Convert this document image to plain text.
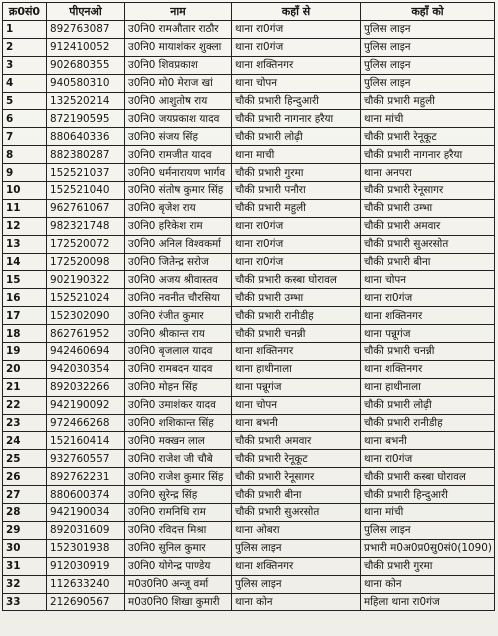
क्र0सं0	पीएनओ	नाम	कहाँ से	कहाँ को
1	892763087	उ0नि0 रामऔतार राठौर	थाना रा0गंज	पुलिस लाइन
2	912410052	उ0नि0 मायाशंकर शुक्ला	थाना रा0गंज	पुलिस लाइन
3	902680355	उ0नि0 शिवप्रकाश	थाना शक्तिनगर	पुलिस लाइन
4	940580310	उ0नि0 मो0 मेराज खां	थाना चोपन	पुलिस लाइन
5	132520214	उ0नि0 आशुतोष राय	चौकी प्रभारी हिन्दुआरी	चौकी प्रभारी महुली
6	872190595	उ0नि0 जयप्रकाश यादव	चौकी प्रभारी नागनार हरैया	थाना मांची
7	880640336	उ0नि0 संजय सिंह	चौकी प्रभारी लोढ़ी	चौकी प्रभारी रेनूकूट
8	882380287	उ0नि0 रामजीत यादव	थाना माची	चौकी प्रभारी नागनार हरैया
9	152521037	उ0नि0 धर्मनारायण भार्गव	चौकी प्रभारी गुरमा	थाना अनपरा
10	152521040	उ0नि0 संतोष कुमार सिंह	चौकी प्रभारी पनौरा	चौकी प्रभारी रेनूसागर
11	962761067	उ0नि0 बृजेश राय	चौकी प्रभारी महुली	चौकी प्रभारी उम्भा
12	982321748	उ0नि0 हरिकेश राम	थाना रा0गंज	चौकी प्रभारी अमवार
13	172520072	उ0नि0 अनिल विश्वकर्मा	थाना रा0गंज	चौकी प्रभारी सुअरसोत
14	172520098	उ0नि0 जितेन्द्र सरोज	थाना रा0गंज	चौकी प्रभारी बीना
15	902190322	उ0नि0 अजय श्रीवास्तव	चौकी प्रभारी कस्बा घोरावल	थाना चोपन
16	152521024	उ0नि0 नवनीत चौरसिया	चौकी प्रभारी उम्भा	थाना रा0गंज
17	152302090	उ0नि0 रंजीत कुमार	चौकी प्रभारी रानीडीह	थाना शक्तिनगर
18	862761952	उ0नि0 श्रीकान्त राय	चौकी प्रभारी चनन्नी	थाना पन्नूगंज
19	942460694	उ0नि0 बृजलाल यादव	थाना शक्तिनगर	चौकी प्रभारी चनन्नी
20	942030354	उ0नि0 रामबदन यादव	थाना हाथीनाला	थाना शक्तिनगर
21	892032266	उ0नि0 मोहन सिंह	थाना पन्नूगंज	थाना हाथीनाला
22	942190092	उ0नि0 उमाशंकर यादव	थाना चोपन	चौकी प्रभारी लोढ़ी
23	972466268	उ0नि0 शशिकान्त सिंह	थाना बभनी	चौकी प्रभारी रानीडीह
24	152160414	उ0नि0 मक्खन लाल	चौकी प्रभारी अमवार	थाना बभनी
25	932760557	उ0नि0 राजेश जी चौबे	चौकी प्रभारी रेनूकूट	थाना रा0गंज
26	892762231	उ0नि0 राजेश कुमार सिंह	चौकी प्रभारी रेनूसागर	चौकी प्रभारी कस्बा घोरावल
27	880600374	उ0नि0 सुरेन्द्र सिंह	चौकी प्रभारी बीना	चौकी प्रभारी हिन्दुआरी
28	942190034	उ0नि0 रामनिधि राम	चौकी प्रभारी सुअरसोत	थाना मांची
29	892031609	उ0नि0 रविदत्त मिश्रा	थाना ओबरा	पुलिस लाइन
30	152301938	उ0नि0 सुनिल कुमार	पुलिस लाइन	प्रभारी म0अ0प्र0सु0सं0(1090)
31	912030919	उ0नि0 योगेन्द्र पाण्डेय	थाना शक्तिनगर	चौकी प्रभारी गुरमा
32	112633240	म0उ0नि0 अन्जू वर्मा	पुलिस लाइन	थाना कोन
33	212690567	म0उ0नि0 शिखा कुमारी	थाना कोन	महिला थाना रा0गंज
